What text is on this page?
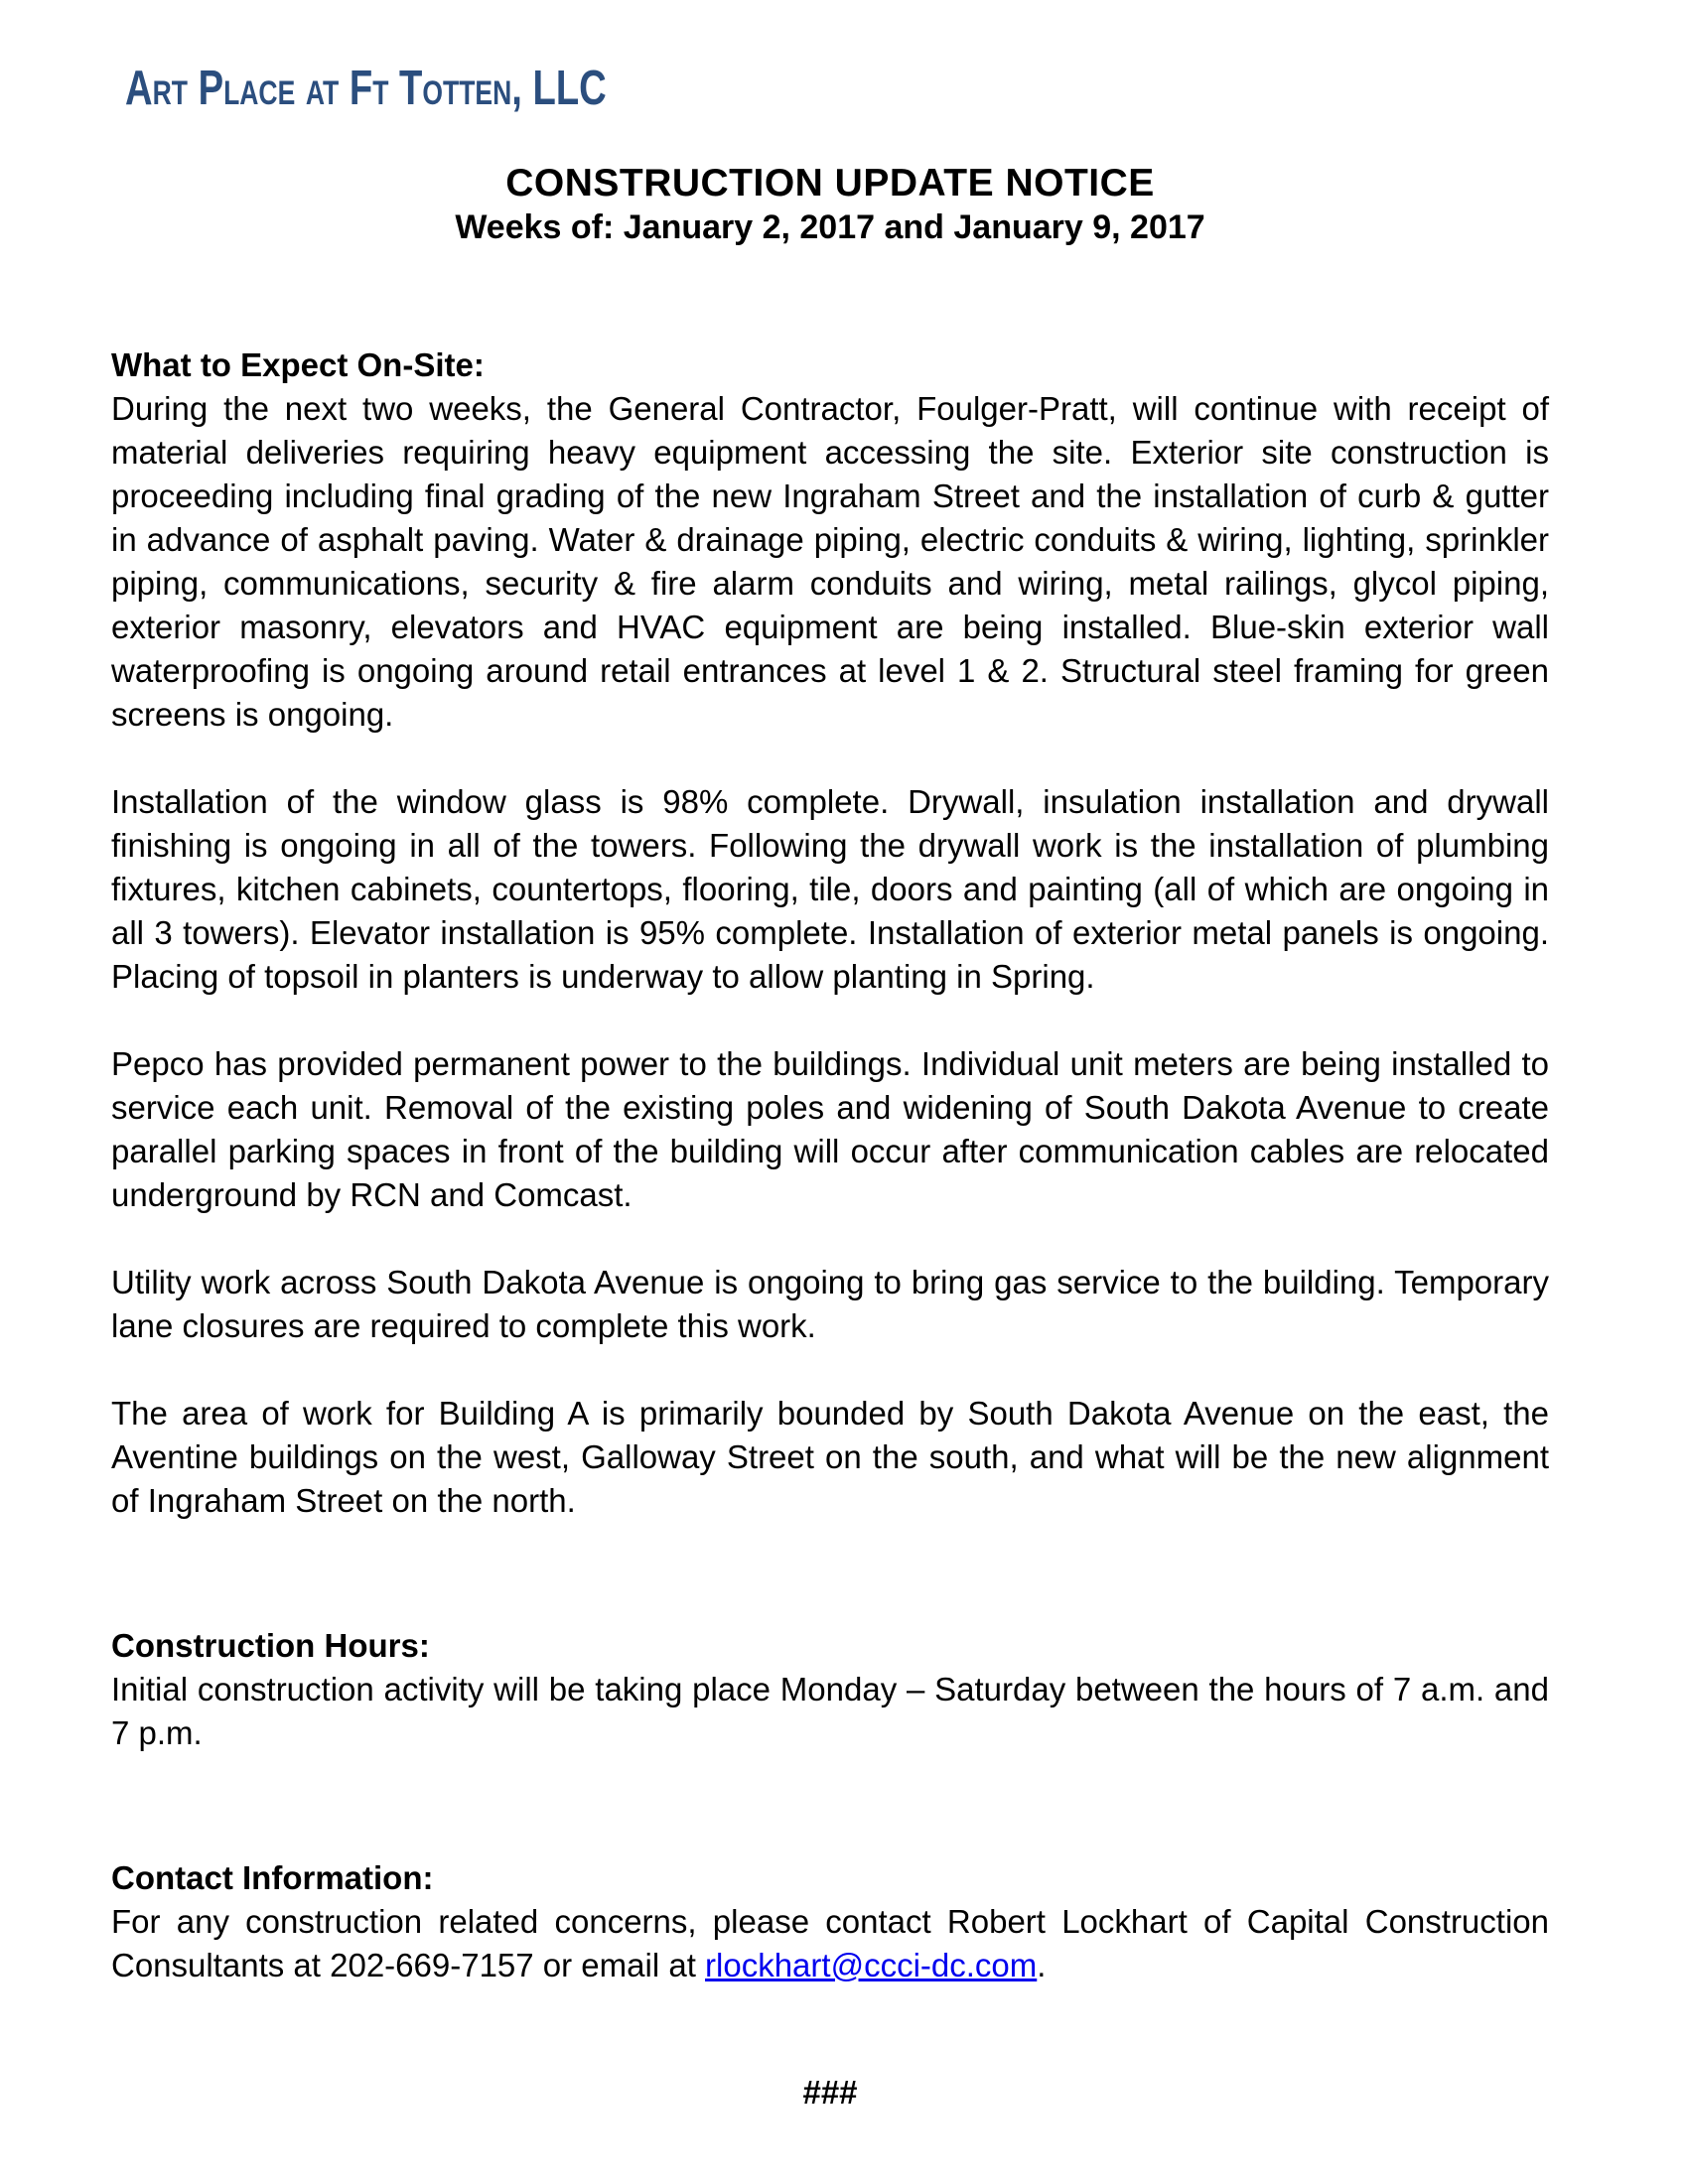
Art Place at Ft Totten, LLC
CONSTRUCTION UPDATE NOTICE
Weeks of: January 2, 2017 and January 9, 2017
What to Expect On-Site:

During the next two weeks, the General Contractor, Foulger-Pratt, will continue with receipt of material deliveries requiring heavy equipment accessing the site. Exterior site construction is proceeding including final grading of the new Ingraham Street and the installation of curb & gutter in advance of asphalt paving. Water & drainage piping, electric conduits & wiring, lighting, sprinkler piping, communications, security & fire alarm conduits and wiring, metal railings, glycol piping, exterior masonry, elevators and HVAC equipment are being installed. Blue-skin exterior wall waterproofing is ongoing around retail entrances at level 1 & 2. Structural steel framing for green screens is ongoing.

Installation of the window glass is 98% complete. Drywall, insulation installation and drywall finishing is ongoing in all of the towers. Following the drywall work is the installation of plumbing fixtures, kitchen cabinets, countertops, flooring, tile, doors and painting (all of which are ongoing in all 3 towers). Elevator installation is 95% complete. Installation of exterior metal panels is ongoing. Placing of topsoil in planters is underway to allow planting in Spring.

Pepco has provided permanent power to the buildings. Individual unit meters are being installed to service each unit. Removal of the existing poles and widening of South Dakota Avenue to create parallel parking spaces in front of the building will occur after communication cables are relocated underground by RCN and Comcast.

Utility work across South Dakota Avenue is ongoing to bring gas service to the building. Temporary lane closures are required to complete this work.

The area of work for Building A is primarily bounded by South Dakota Avenue on the east, the Aventine buildings on the west, Galloway Street on the south, and what will be the new alignment of Ingraham Street on the north.

Construction Hours:

Initial construction activity will be taking place Monday – Saturday between the hours of 7 a.m. and 7 p.m.

Contact Information:

For any construction related concerns, please contact Robert Lockhart of Capital Construction Consultants at 202-669-7157 or email at rlockhart@ccci-dc.com.

###
